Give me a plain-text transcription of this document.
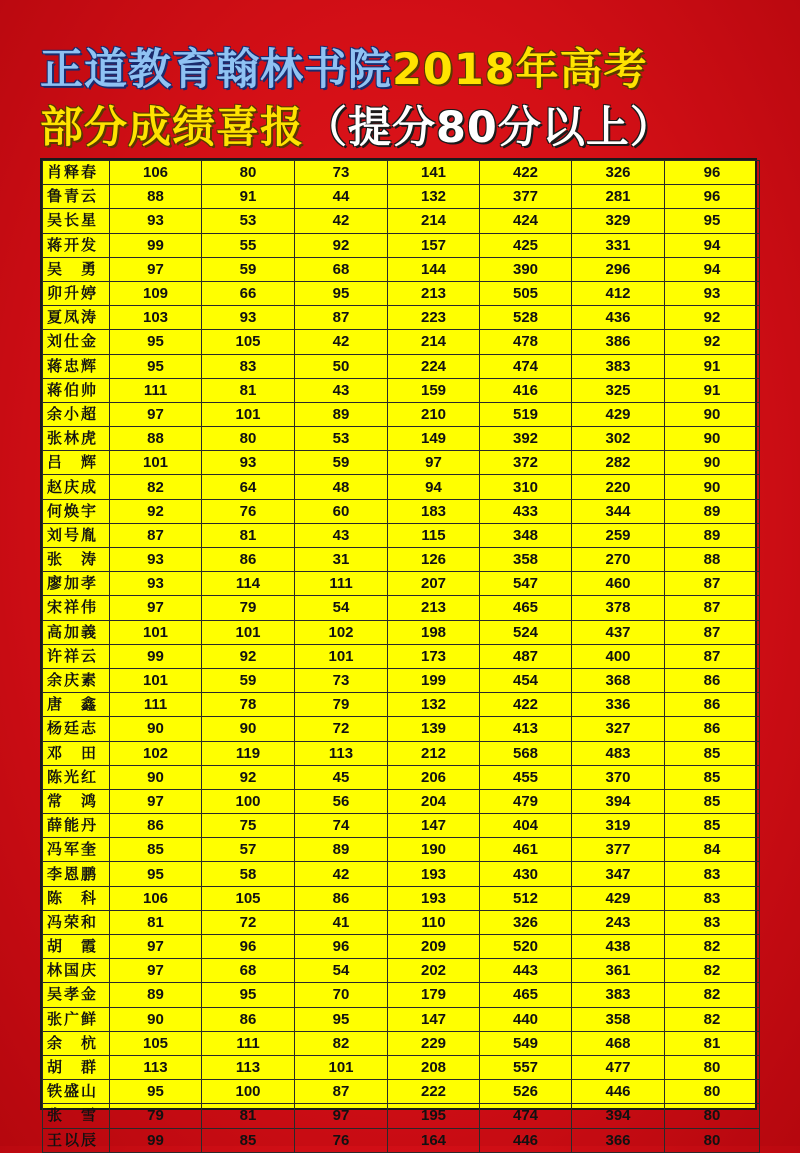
正道教育翰林书院2018年高考
部分成绩喜报（提分80分以上）
肖释春	106	80	73	141	422	326	96
鲁青云	88	91	44	132	377	281	96
吴长星	93	53	42	214	424	329	95
蒋开发	99	55	92	157	425	331	94
吴　勇	97	59	68	144	390	296	94
卯升婷	109	66	95	213	505	412	93
夏凤涛	103	93	87	223	528	436	92
刘仕金	95	105	42	214	478	386	92
蒋忠辉	95	83	50	224	474	383	91
蒋伯帅	111	81	43	159	416	325	91
余小超	97	101	89	210	519	429	90
张林虎	88	80	53	149	392	302	90
吕　辉	101	93	59	97	372	282	90
赵庆成	82	64	48	94	310	220	90
何焕宇	92	76	60	183	433	344	89
刘号胤	87	81	43	115	348	259	89
张　涛	93	86	31	126	358	270	88
廖加孝	93	114	111	207	547	460	87
宋祥伟	97	79	54	213	465	378	87
高加義	101	101	102	198	524	437	87
许祥云	99	92	101	173	487	400	87
余庆素	101	59	73	199	454	368	86
唐　鑫	111	78	79	132	422	336	86
杨廷志	90	90	72	139	413	327	86
邓　田	102	119	113	212	568	483	85
陈光红	90	92	45	206	455	370	85
常　鸿	97	100	56	204	479	394	85
薛能丹	86	75	74	147	404	319	85
冯军奎	85	57	89	190	461	377	84
李恩鹏	95	58	42	193	430	347	83
陈　科	106	105	86	193	512	429	83
冯荣和	81	72	41	110	326	243	83
胡　霞	97	96	96	209	520	438	82
林国庆	97	68	54	202	443	361	82
吴孝金	89	95	70	179	465	383	82
张广鲜	90	86	95	147	440	358	82
余　杭	105	111	82	229	549	468	81
胡　群	113	113	101	208	557	477	80
铁盛山	95	100	87	222	526	446	80
张　雪	79	81	97	195	474	394	80
王以辰	99	85	76	164	446	366	80
